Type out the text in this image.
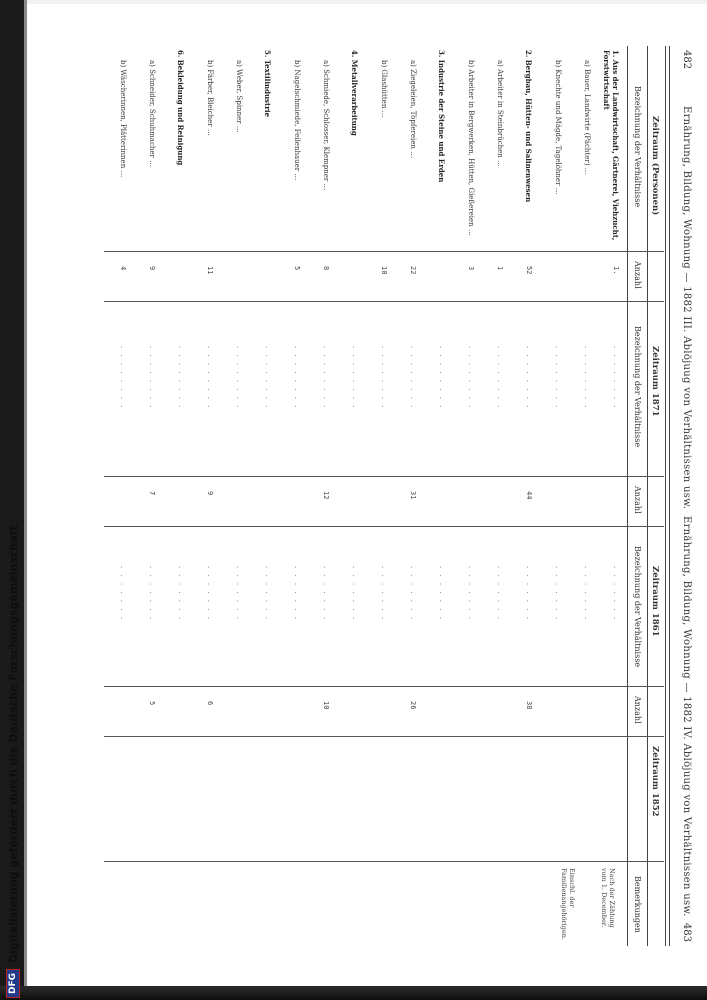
DFG
Digitalisierung gefördert durch die Deutsche Forschungsgemeinschaft
482
Ernährung, Bildung, Wohnung — 1882 III. Ablöjuug von Verhältnissen usw.
Ernährung, Bildung, Wohnung — 1882 IV. Ablöjuug von Verhältnissen usw.
483
Zeitraum (Personen)
Zeitraum 1871
Zeitraum 1861
Zeitraum 1852
Bezeichnung der Verhältnisse
Anzahl
Bezeichnung der Verhältnisse
Anzahl
Bezeichnung der Verhältnisse
Anzahl
Bemerkungen
1. Aus der Landwirtschaft, Gärtnerei, Viehzucht, Forstwirtschaft
. . . . . . . .
. . . . . . .
1.
a) Bauer, Landwirte (Pächter) …
. . . . . . . .
. . . . . . .
b) Knechte und Mägde, Tagelöhner …
. . . . . . . .
. . . . . . .
2. Bergbau, Hütten- und Salinenwesen
. . . . . . . .
. . . . . . .
52
44
38
a) Arbeiter in Steinbrüchen …
. . . . . . . .
. . . . . . .
1
b) Arbeiter in Bergwerken, Hütten, Gießereien …
. . . . . . . .
. . . . . . .
3
3. Industrie der Steine und Erden
. . . . . . . .
. . . . . . .
a) Ziegeleien, Töpfereien …
. . . . . . . .
. . . . . . .
22
31
26
b) Glashütten …
. . . . . . . .
. . . . . . .
10
4. Metallverarbeitung
. . . . . . . .
. . . . . . .
a) Schmiede, Schlosser, Klempner …
. . . . . . . .
. . . . . . .
8
12
10
b) Nagelschmiede, Feilenhauer …
. . . . . . . .
. . . . . . .
5
5. Textilindustrie
. . . . . . . .
. . . . . . .
a) Weber, Spinner …
. . . . . . . .
. . . . . . .
b) Färber, Bleicher …
. . . . . . . .
. . . . . . .
11
9
6
6. Bekleidung und Reinigung
. . . . . . . .
. . . . . . .
a) Schneider, Schuhmacher …
. . . . . . . .
. . . . . . .
9
7
5
b) Wäscherinnen, Plätterinnen …
. . . . . . . .
. . . . . . .
4
Nach der Zählung vom 1. December.
Einschl. der Familienangehörigen.
